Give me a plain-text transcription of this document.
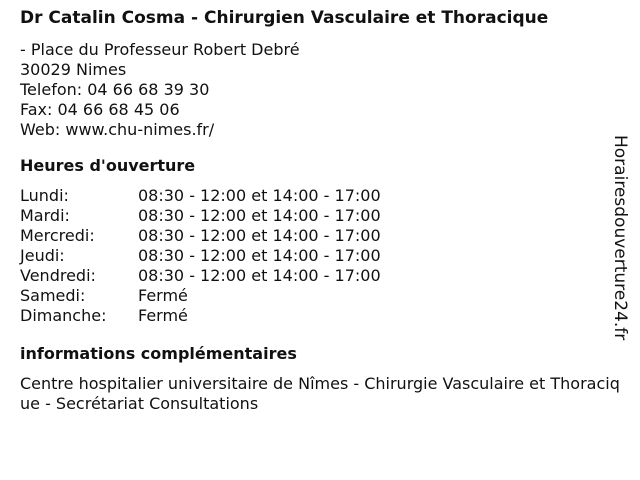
Dr Catalin Cosma - Chirurgien Vasculaire et Thoracique
- Place du Professeur Robert Debré
30029 Nimes
Telefon: 04 66 68 39 30
Fax: 04 66 68 45 06
Web: www.chu-nimes.fr/
Heures d'ouverture
Lundi:	08:30 - 12:00 et 14:00 - 17:00
Mardi:	08:30 - 12:00 et 14:00 - 17:00
Mercredi:	08:30 - 12:00 et 14:00 - 17:00
Jeudi:	08:30 - 12:00 et 14:00 - 17:00
Vendredi:	08:30 - 12:00 et 14:00 - 17:00
Samedi:	Fermé
Dimanche:	Fermé
informations complémentaires
Centre hospitalier universitaire de Nîmes - Chirurgie Vasculaire et Thoracique - Secrétariat Consultations
Horairesdouverture24.fr
